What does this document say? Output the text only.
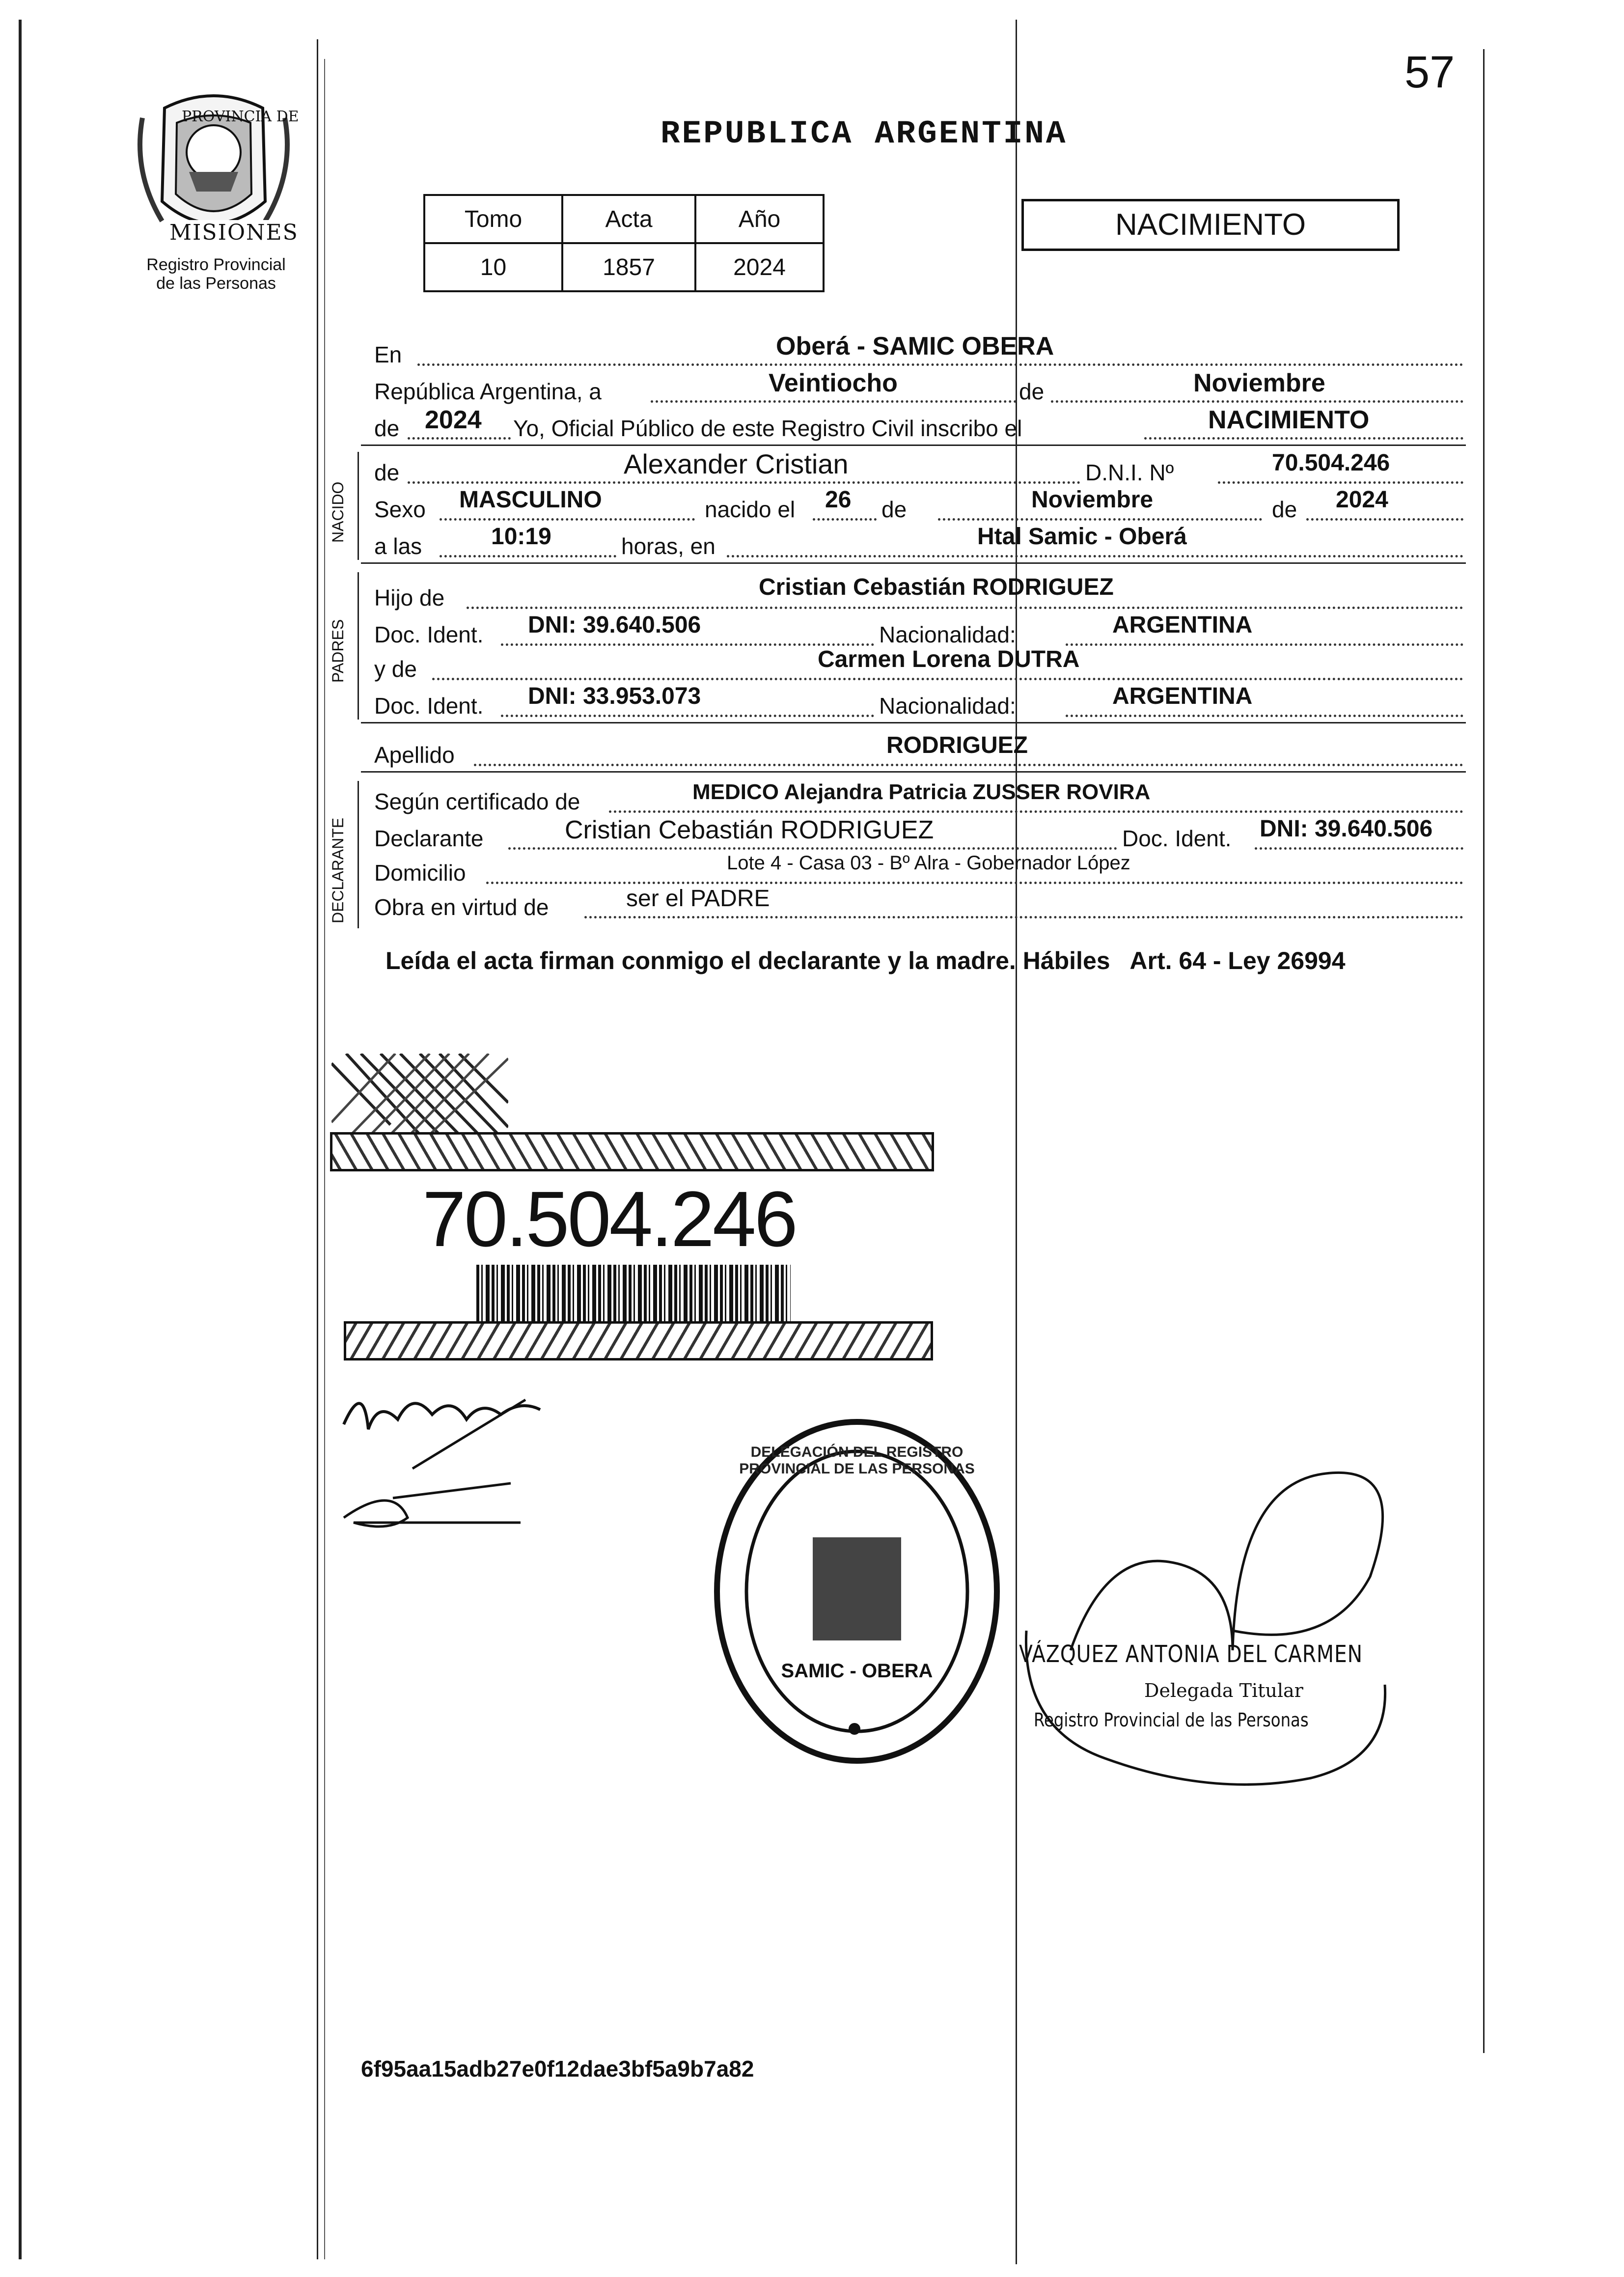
57
PROVINCIA DE
MISIONES
Registro Provincial
de las Personas
REPUBLICA ARGENTINA
Tomo	Acta	Año
10	1857	2024
NACIMIENTO
En	Oberá - SAMIC OBERA
República Argentina, a	Veintiocho	de	Noviembre
de 2024 Yo, Oficial Público de este Registro Civil inscribo el	NACIMIENTO
NACIDO
de	Alexander Cristian	D.N.I. Nº	70.504.246
Sexo MASCULINO	nacido el 26 de	Noviembre	de 2024
a las	10:19	horas, en	Htal Samic - Oberá
PADRES
Hijo de	Cristian Cebastián RODRIGUEZ
Doc. Ident. DNI: 39.640.506	Nacionalidad:	ARGENTINA
y de	Carmen Lorena DUTRA
Doc. Ident. DNI: 33.953.073	Nacionalidad:	ARGENTINA
Apellido	RODRIGUEZ
DECLARANTE
Según certificado de	MEDICO Alejandra Patricia ZUSSER ROVIRA
Declarante	Cristian Cebastián RODRIGUEZ	Doc. Ident. DNI: 39.640.506
Domicilio	Lote 4 - Casa 03 - Bº Alra - Gobernador López
Obra en virtud de	ser el PADRE
Leída el acta firman conmigo el declarante y la madre. Hábiles   Art. 64 - Ley 26994
70.504.246
DELEGACIÓN DEL REGISTRO PROVINCIAL DE LAS PERSONAS
SAMIC - OBERA
VÁZQUEZ ANTONIA DEL CARMEN
Delegada Titular
Registro Provincial de las Personas
6f95aa15adb27e0f12dae3bf5a9b7a82
